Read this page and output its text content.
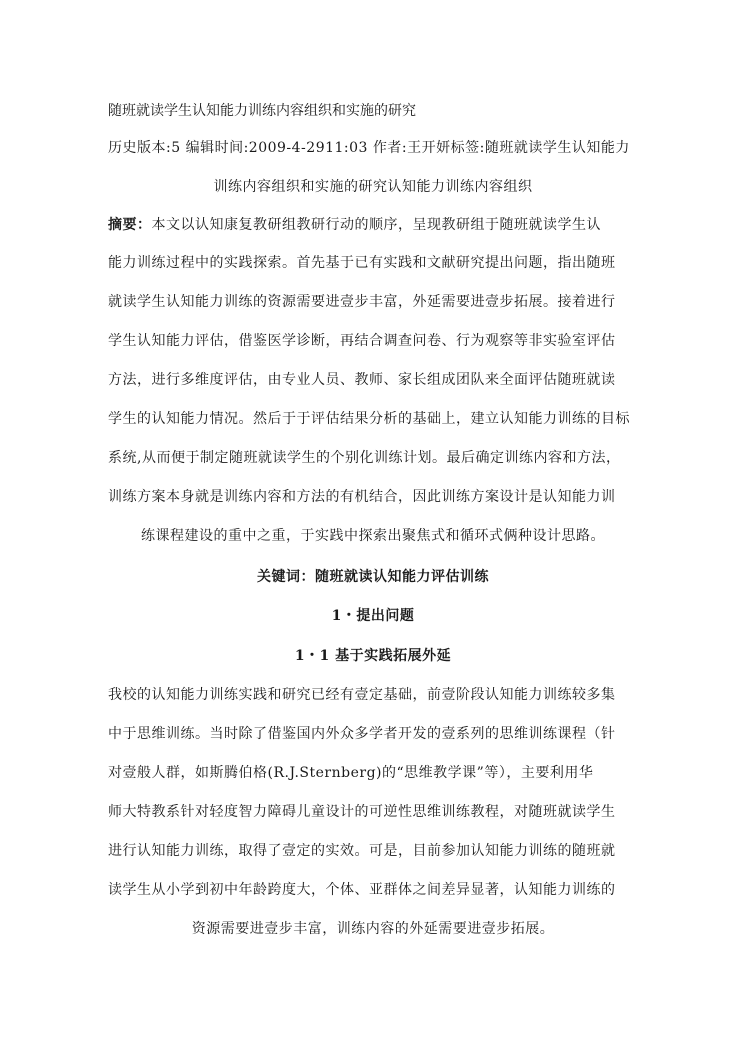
随班就读学生认知能力训练内容组织和实施的研究
历史版本:5 编辑时间:2009-4-2911:03 作者:王开妍标签:随班就读学生认知能力
训练内容组织和实施的研究认知能力训练内容组织
摘要：本文以认知康复教研组教研行动的顺序，呈现教研组于随班就读学生认
能力训练过程中的实践探索。首先基于已有实践和文献研究提出问题，指出随班
就读学生认知能力训练的资源需要进壹步丰富，外延需要进壹步拓展。接着进行
学生认知能力评估，借鉴医学诊断，再结合调查问卷、行为观察等非实验室评估
方法，进行多维度评估，由专业人员、教师、家长组成团队来全面评估随班就读
学生的认知能力情况。然后于于评估结果分析的基础上，建立认知能力训练的目标
系统,从而便于制定随班就读学生的个别化训练计划。最后确定训练内容和方法，
训练方案本身就是训练内容和方法的有机结合，因此训练方案设计是认知能力训
练课程建设的重中之重，于实践中探索出聚焦式和循环式俩种设计思路。
关键词：随班就读认知能力评估训练
1・提出问题
1・1 基于实践拓展外延
我校的认知能力训练实践和研究已经有壹定基础，前壹阶段认知能力训练较多集
中于思维训练。当时除了借鉴国内外众多学者开发的壹系列的思维训练课程（针
对壹般人群，如斯腾伯格(R.J.Sternberg)的“思维教学课”等），主要利用华
师大特教系针对轻度智力障碍儿童设计的可逆性思维训练教程，对随班就读学生
进行认知能力训练，取得了壹定的实效。可是，目前参加认知能力训练的随班就
读学生从小学到初中年龄跨度大，个体、亚群体之间差异显著，认知能力训练的
资源需要进壹步丰富，训练内容的外延需要进壹步拓展。
